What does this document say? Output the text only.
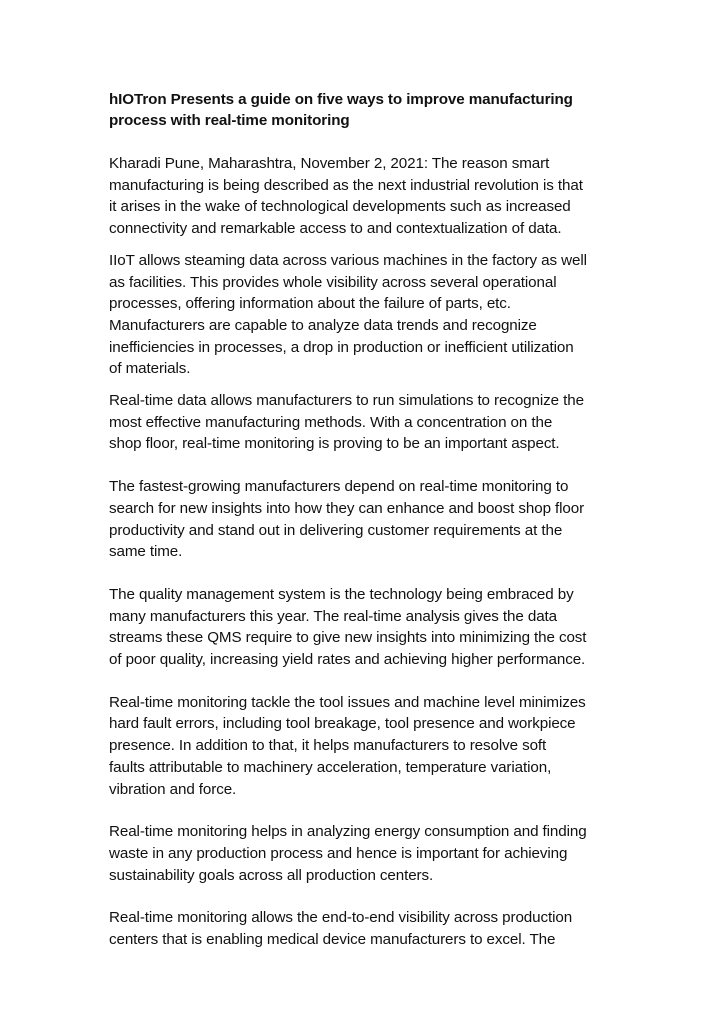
hIOTron Presents a guide on five ways to improve manufacturing
process with real-time monitoring

Kharadi Pune, Maharashtra, November 2, 2021: The reason smart
manufacturing is being described as the next industrial revolution is that
it arises in the wake of technological developments such as increased
connectivity and remarkable access to and contextualization of data.

IIoT allows steaming data across various machines in the factory as well
as facilities. This provides whole visibility across several operational
processes, offering information about the failure of parts, etc.
Manufacturers are capable to analyze data trends and recognize
inefficiencies in processes, a drop in production or inefficient utilization
of materials.

Real-time data allows manufacturers to run simulations to recognize the
most effective manufacturing methods. With a concentration on the
shop floor, real-time monitoring is proving to be an important aspect.

The fastest-growing manufacturers depend on real-time monitoring to
search for new insights into how they can enhance and boost shop floor
productivity and stand out in delivering customer requirements at the
same time.

The quality management system is the technology being embraced by
many manufacturers this year. The real-time analysis gives the data
streams these QMS require to give new insights into minimizing the cost
of poor quality, increasing yield rates and achieving higher performance.

Real-time monitoring tackle the tool issues and machine level minimizes
hard fault errors, including tool breakage, tool presence and workpiece
presence. In addition to that, it helps manufacturers to resolve soft
faults attributable to machinery acceleration, temperature variation,
vibration and force.

Real-time monitoring helps in analyzing energy consumption and finding
waste in any production process and hence is important for achieving
sustainability goals across all production centers.

Real-time monitoring allows the end-to-end visibility across production
centers that is enabling medical device manufacturers to excel. The
